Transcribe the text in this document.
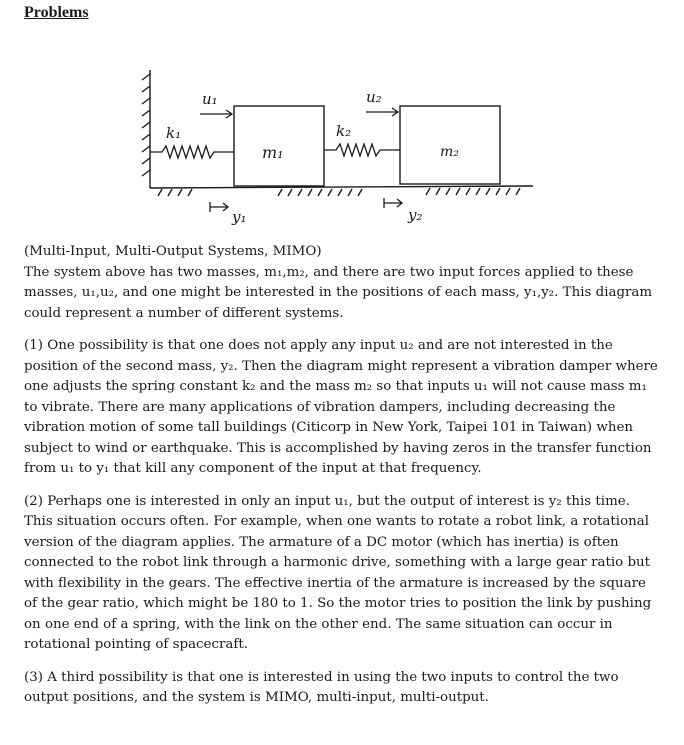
Problems
u₁	u₂
k₁	k₂
m₁	m₂
y₁	y₂
(Multi-Input, Multi-Output Systems, MIMO)

The system above has two masses, m₁,m₂, and there are two input forces applied to these masses, u₁,u₂, and one might be interested in the positions of each mass, y₁,y₂. This diagram could represent a number of different systems.

(1) One possibility is that one does not apply any input u₂ and are not interested in the position of the second mass, y₂. Then the diagram might represent a vibration damper where one adjusts the spring constant k₂ and the mass m₂ so that inputs u₁ will not cause mass m₁ to vibrate. There are many applications of vibration dampers, including decreasing the vibration motion of some tall buildings (Citicorp in New York, Taipei 101 in Taiwan) when subject to wind or earthquake. This is accomplished by having zeros in the transfer function from u₁ to y₁ that kill any component of the input at that frequency.

(2) Perhaps one is interested in only an input u₁, but the output of interest is y₂ this time. This situation occurs often. For example, when one wants to rotate a robot link, a rotational version of the diagram applies. The armature of a DC motor (which has inertia) is often connected to the robot link through a harmonic drive, something with a large gear ratio but with flexibility in the gears. The effective inertia of the armature is increased by the square of the gear ratio, which might be 180 to 1. So the motor tries to position the link by pushing on one end of a spring, with the link on the other end. The same situation can occur in rotational pointing of spacecraft.

(3) A third possibility is that one is interested in using the two inputs to control the two output positions, and the system is MIMO, multi-input, multi-output.
